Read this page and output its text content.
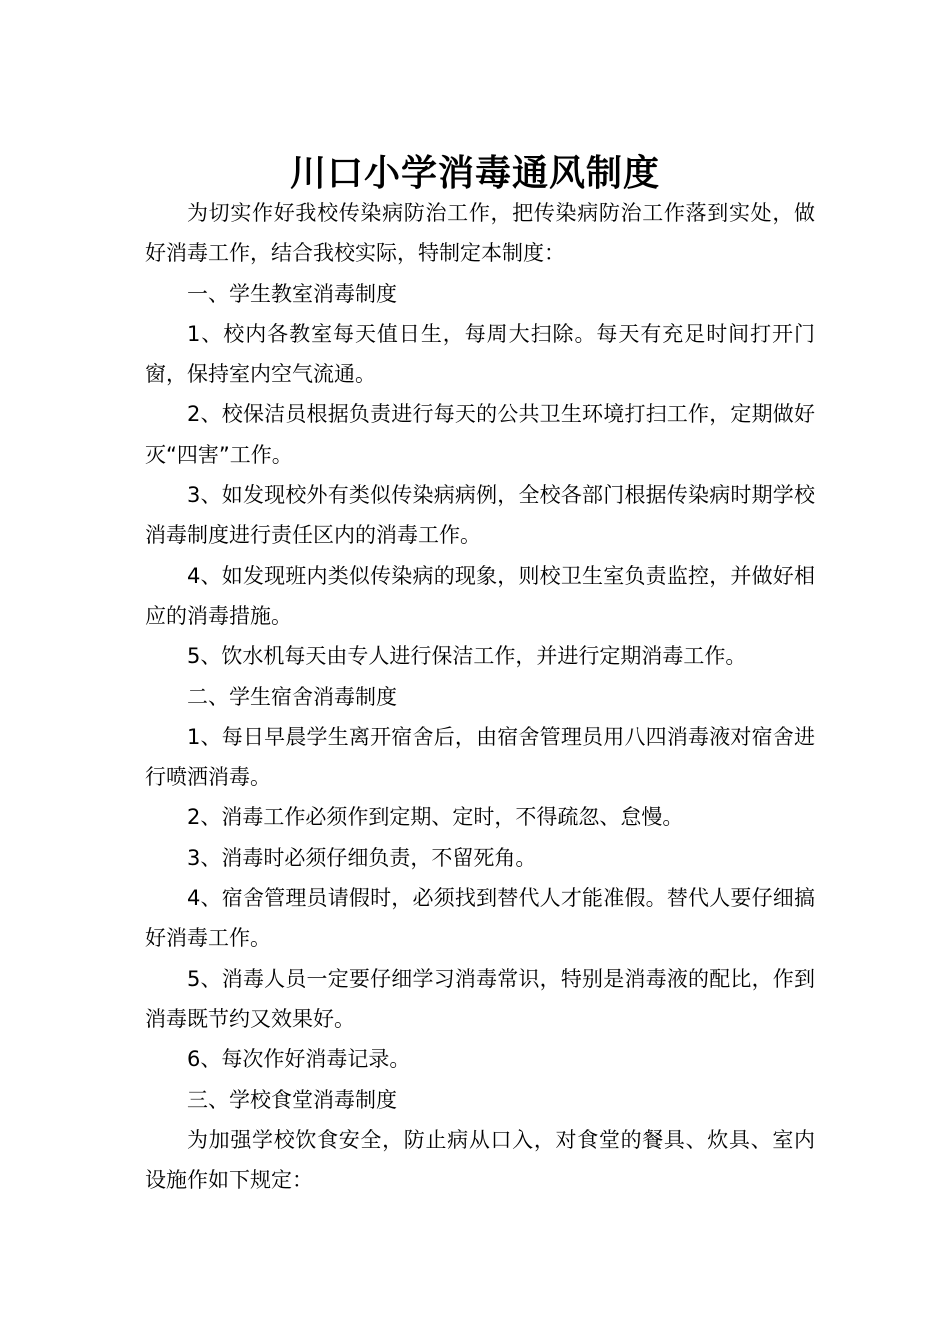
川口小学消毒通风制度

为切实作好我校传染病防治工作，把传染病防治工作落到实处，做好消毒工作，结合我校实际，特制定本制度：

一、学生教室消毒制度

1、校内各教室每天值日生，每周大扫除。每天有充足时间打开门窗，保持室内空气流通。

2、校保洁员根据负责进行每天的公共卫生环境打扫工作，定期做好灭“四害”工作。

3、如发现校外有类似传染病病例，全校各部门根据传染病时期学校消毒制度进行责任区内的消毒工作。

4、如发现班内类似传染病的现象，则校卫生室负责监控，并做好相应的消毒措施。

5、饮水机每天由专人进行保洁工作，并进行定期消毒工作。

二、学生宿舍消毒制度

1、每日早晨学生离开宿舍后，由宿舍管理员用八四消毒液对宿舍进行喷洒消毒。

2、消毒工作必须作到定期、定时，不得疏忽、怠慢。

3、消毒时必须仔细负责，不留死角。

4、宿舍管理员请假时，必须找到替代人才能准假。替代人要仔细搞好消毒工作。

5、消毒人员一定要仔细学习消毒常识，特别是消毒液的配比，作到消毒既节约又效果好。

6、每次作好消毒记录。

三、学校食堂消毒制度

为加强学校饮食安全，防止病从口入，对食堂的餐具、炊具、室内设施作如下规定：
